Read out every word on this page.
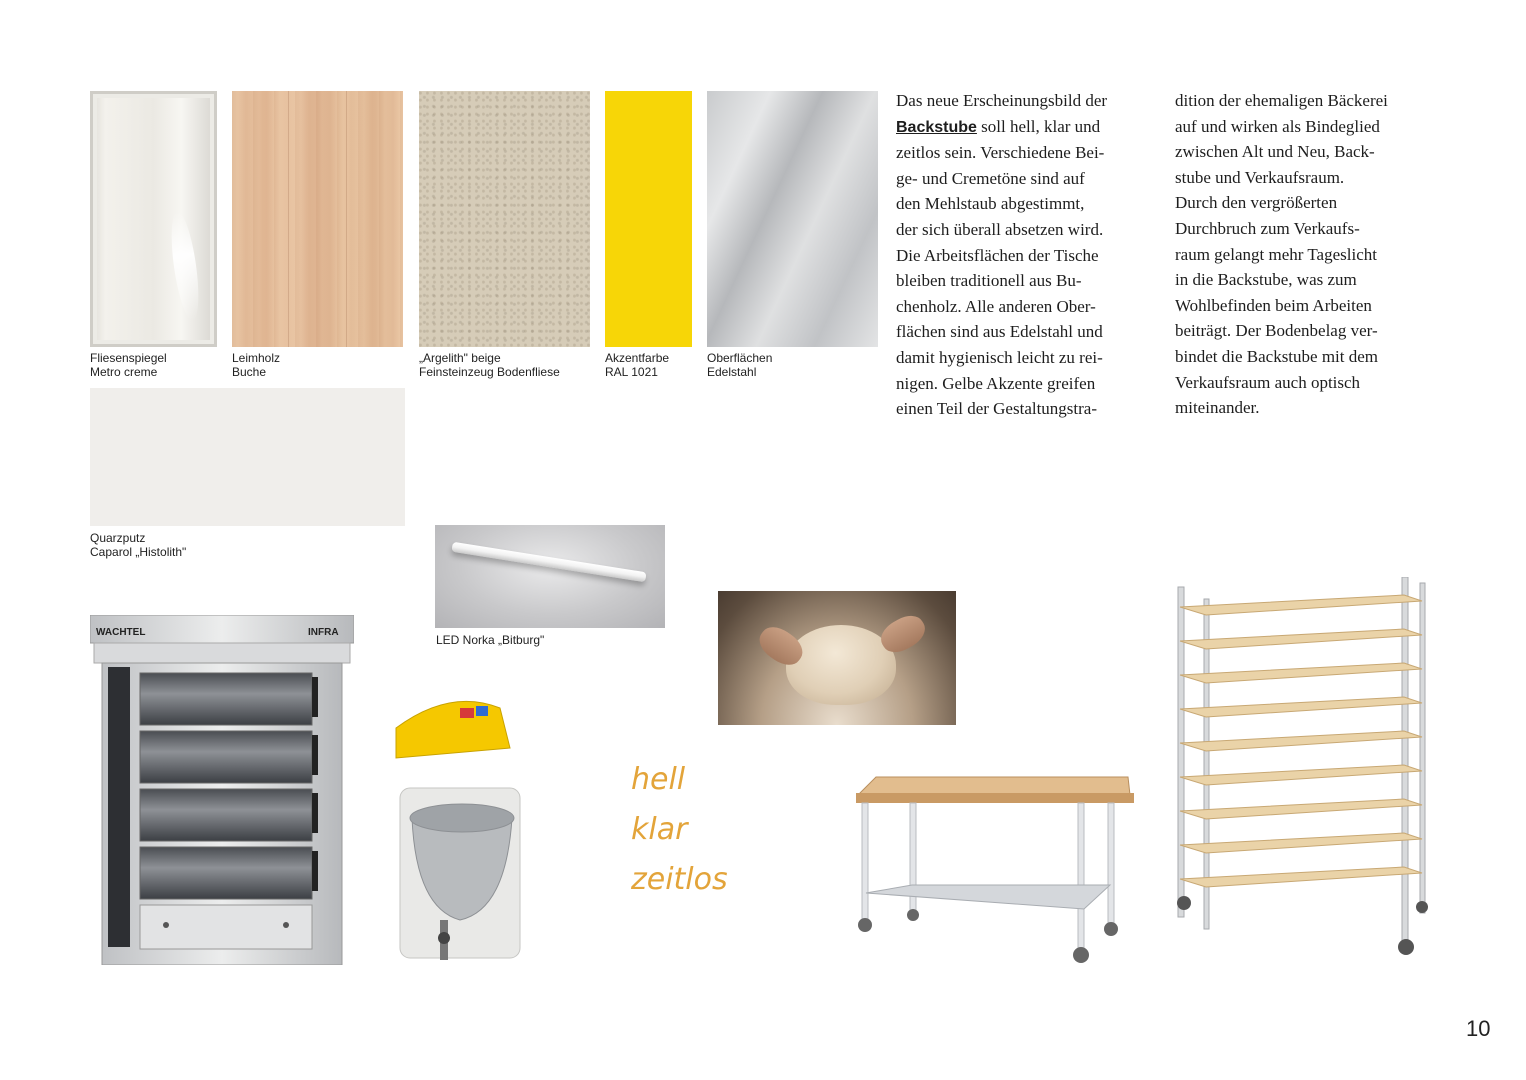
Fliesenspiegel
Metro creme
Leimholz
Buche
„Argelith" beige
Feinsteinzeug Bodenfliese
Akzentfarbe
RAL 1021
Oberflächen
Edelstahl
Quarzputz
Caparol „Histolith"
Das neue Erscheinungsbild der
Backstube soll hell, klar und
zeitlos sein. Verschiedene Bei-
ge- und Cremetöne sind auf
den Mehlstaub abgestimmt,
der sich überall absetzen wird.
Die Arbeitsflächen der Tische
bleiben traditionell aus Bu-
chenholz. Alle anderen Ober-
flächen sind aus Edelstahl und
damit hygienisch leicht zu rei-
nigen. Gelbe Akzente greifen
einen Teil der Gestaltungstra-
dition der ehemaligen Bäckerei
auf und wirken als Bindeglied
zwischen Alt und Neu, Back-
stube und Verkaufsraum.
Durch den vergrößerten
Durchbruch zum Verkaufs-
raum gelangt mehr Tageslicht
in die Backstube, was zum
Wohlbefinden beim Arbeiten
beiträgt. Der Bodenbelag ver-
bindet die Backstube mit dem
Verkaufsraum auch optisch
miteinander.
LED Norka „Bitburg"
WACHTEL	INFRA
hell
klar
zeitlos
10
